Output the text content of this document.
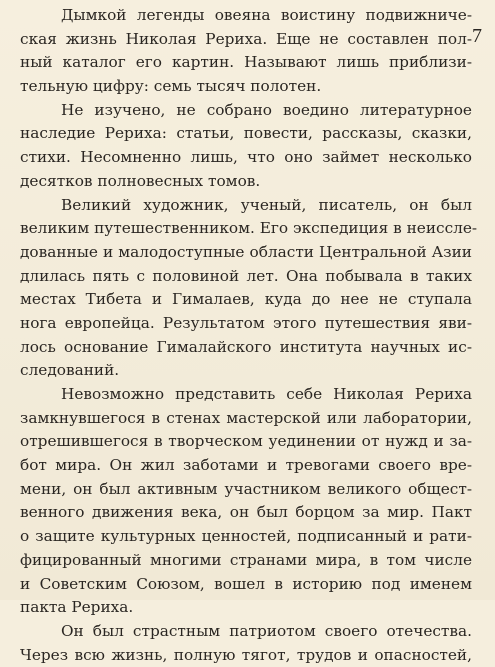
7
Дымкой легенды овеяна воистину подвижниче-
ская жизнь Николая Рериха. Еще не составлен пол-
ный каталог его картин. Называют лишь приблизи-
тельную цифру: семь тысяч полотен.
Не изучено, не собрано воедино литературное
наследие Рериха: статьи, повести, рассказы, сказки,
стихи. Несомненно лишь, что оно займет несколько
десятков полновесных томов.
Великий художник, ученый, писатель, он был
великим путешественником. Его экспедиция в неиссле-
дованные и малодоступные области Центральной Азии
длилась пять с половиной лет. Она побывала в таких
местах Тибета и Гималаев, куда до нее не ступала
нога европейца. Результатом этого путешествия яви-
лось основание Гималайского института научных ис-
следований.
Невозможно представить себе Николая Рериха
замкнувшегося в стенах мастерской или лаборатории,
отрешившегося в творческом уединении от нужд и за-
бот мира. Он жил заботами и тревогами своего вре-
мени, он был активным участником великого общест-
венного движения века, он был борцом за мир. Пакт
о защите культурных ценностей, подписанный и рати-
фицированный многими странами мира, в том числе
и Советским Союзом, вошел в историю под именем
пакта Рериха.
Он был страстным патриотом своего отечества.
Через всю жизнь, полную тягот, трудов и опасностей,
